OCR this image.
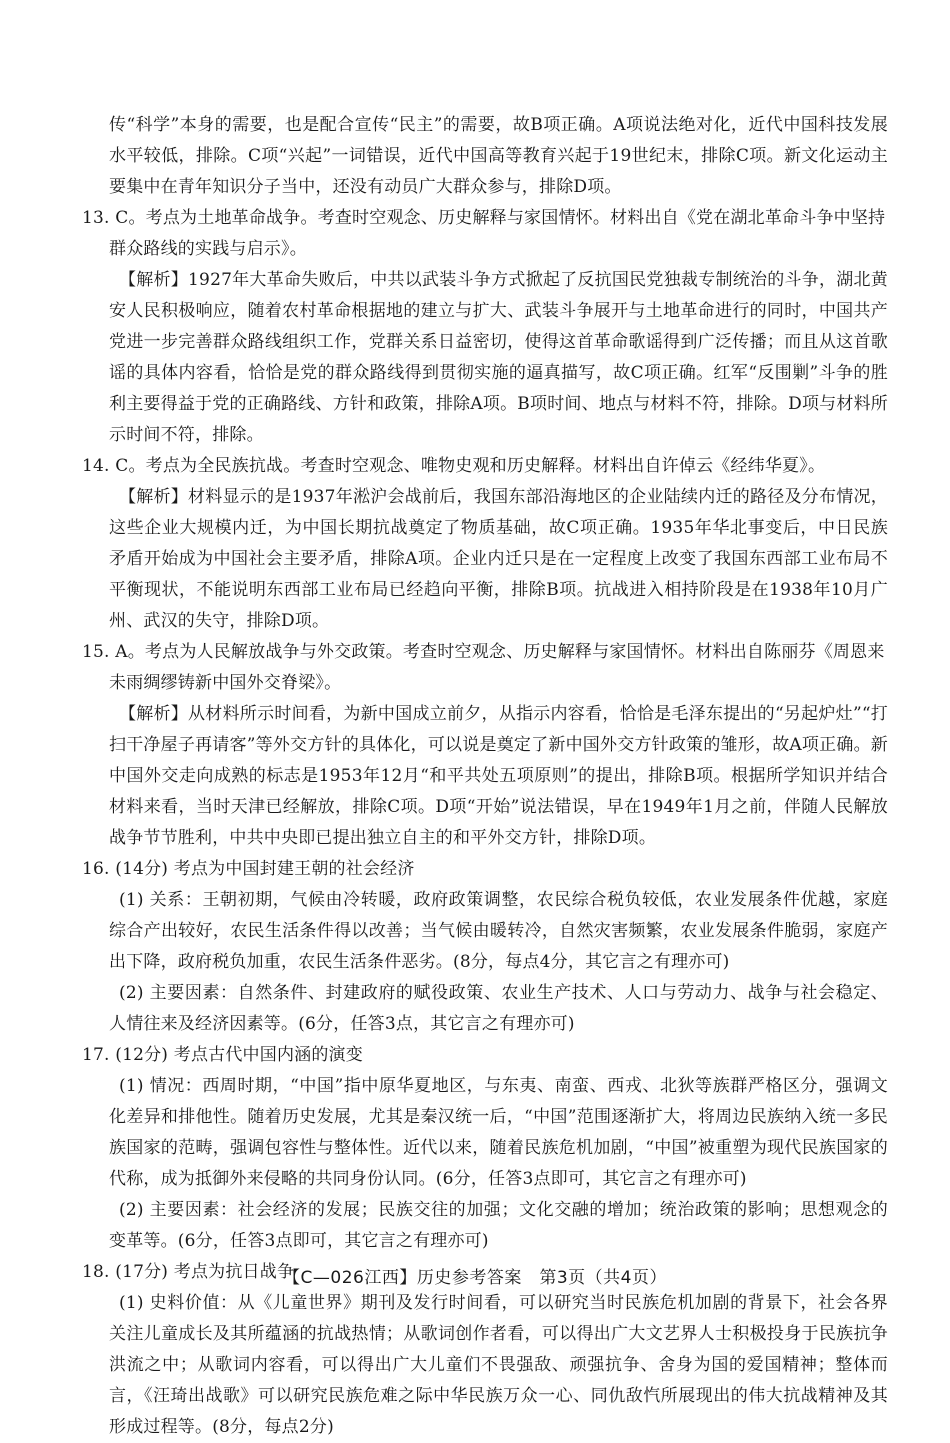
传“科学”本身的需要，也是配合宣传“民主”的需要，故B项正确。A项说法绝对化，近代中国科技发展水平较低，排除。C项“兴起”一词错误，近代中国高等教育兴起于19世纪末，排除C项。新文化运动主要集中在青年知识分子当中，还没有动员广大群众参与，排除D项。

13. C。考点为土地革命战争。考查时空观念、历史解释与家国情怀。材料出自《党在湖北革命斗争中坚持
群众路线的实践与启示》。

【解析】1927年大革命失败后，中共以武装斗争方式掀起了反抗国民党独裁专制统治的斗争，湖北黄安人民积极响应，随着农村革命根据地的建立与扩大、武装斗争展开与土地革命进行的同时，中国共产党进一步完善群众路线组织工作，党群关系日益密切，使得这首革命歌谣得到广泛传播；而且从这首歌谣的具体内容看，恰恰是党的群众路线得到贯彻实施的逼真描写，故C项正确。红军“反围剿”斗争的胜利主要得益于党的正确路线、方针和政策，排除A项。B项时间、地点与材料不符，排除。D项与材料所示时间不符，排除。

14. C。考点为全民族抗战。考查时空观念、唯物史观和历史解释。材料出自许倬云《经纬华夏》。

【解析】材料显示的是1937年淞沪会战前后，我国东部沿海地区的企业陆续内迁的路径及分布情况，这些企业大规模内迁，为中国长期抗战奠定了物质基础，故C项正确。1935年华北事变后，中日民族矛盾开始成为中国社会主要矛盾，排除A项。企业内迁只是在一定程度上改变了我国东西部工业布局不平衡现状，不能说明东西部工业布局已经趋向平衡，排除B项。抗战进入相持阶段是在1938年10月广州、武汉的失守，排除D项。

15. A。考点为人民解放战争与外交政策。考查时空观念、历史解释与家国情怀。材料出自陈丽芬《周恩来
未雨绸缪铸新中国外交脊梁》。

【解析】从材料所示时间看，为新中国成立前夕，从指示内容看，恰恰是毛泽东提出的“另起炉灶”“打扫干净屋子再请客”等外交方针的具体化，可以说是奠定了新中国外交方针政策的雏形，故A项正确。新中国外交走向成熟的标志是1953年12月“和平共处五项原则”的提出，排除B项。根据所学知识并结合材料来看，当时天津已经解放，排除C项。D项“开始”说法错误，早在1949年1月之前，伴随人民解放战争节节胜利，中共中央即已提出独立自主的和平外交方针，排除D项。

16. (14分) 考点为中国封建王朝的社会经济

(1) 关系：王朝初期，气候由冷转暖，政府政策调整，农民综合税负较低，农业发展条件优越，家庭综合产出较好，农民生活条件得以改善；当气候由暖转冷，自然灾害频繁，农业发展条件脆弱，家庭产出下降，政府税负加重，农民生活条件恶劣。(8分，每点4分，其它言之有理亦可)

(2) 主要因素：自然条件、封建政府的赋役政策、农业生产技术、人口与劳动力、战争与社会稳定、人情往来及经济因素等。(6分，任答3点，其它言之有理亦可)

17. (12分) 考点古代中国内涵的演变

(1) 情况：西周时期，“中国”指中原华夏地区，与东夷、南蛮、西戎、北狄等族群严格区分，强调文化差异和排他性。随着历史发展，尤其是秦汉统一后，“中国”范围逐渐扩大，将周边民族纳入统一多民族国家的范畴，强调包容性与整体性。近代以来，随着民族危机加剧，“中国”被重塑为现代民族国家的代称，成为抵御外来侵略的共同身份认同。(6分，任答3点即可，其它言之有理亦可)

(2) 主要因素：社会经济的发展；民族交往的加强；文化交融的增加；统治政策的影响；思想观念的变革等。(6分，任答3点即可，其它言之有理亦可)

18. (17分) 考点为抗日战争

(1) 史料价值：从《儿童世界》期刊及发行时间看，可以研究当时民族危机加剧的背景下，社会各界关注儿童成长及其所蕴涵的抗战热情；从歌词创作者看，可以得出广大文艺界人士积极投身于民族抗争洪流之中；从歌词内容看，可以得出广大儿童们不畏强敌、顽强抗争、舍身为国的爱国精神；整体而言，《汪琦出战歌》可以研究民族危难之际中华民族万众一心、同仇敌忾所展现出的伟大抗战精神及其形成过程等。(8分，每点2分)

【C—026江西】历史参考答案　第3页（共4页）
